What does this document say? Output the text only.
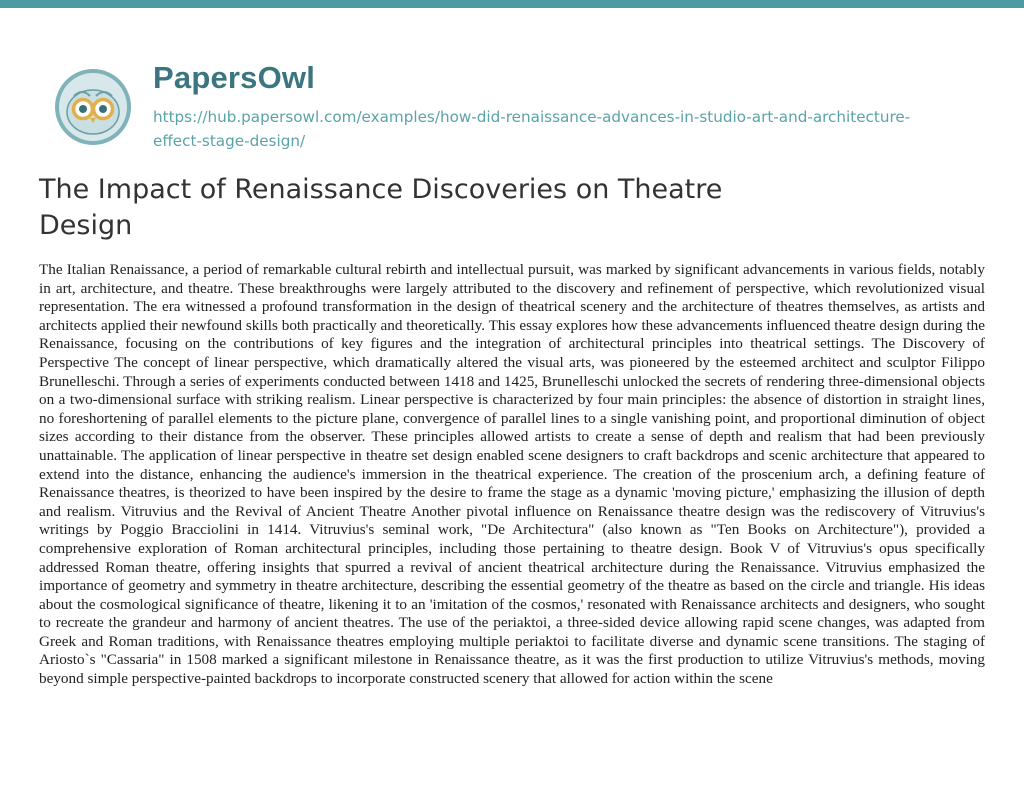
PapersOwl
https://hub.papersowl.com/examples/how-did-renaissance-advances-in-studio-art-and-architecture-effect-stage-design/
The Impact of Renaissance Discoveries on Theatre Design

The Italian Renaissance, a period of remarkable cultural rebirth and intellectual pursuit, was marked by significant advancements in various fields, notably in art, architecture, and theatre. These breakthroughs were largely attributed to the discovery and refinement of perspective, which revolutionized visual representation. The era witnessed a profound transformation in the design of theatrical scenery and the architecture of theatres themselves, as artists and architects applied their newfound skills both practically and theoretically. This essay explores how these advancements influenced theatre design during the Renaissance, focusing on the contributions of key figures and the integration of architectural principles into theatrical settings. The Discovery of Perspective The concept of linear perspective, which dramatically altered the visual arts, was pioneered by the esteemed architect and sculptor Filippo Brunelleschi. Through a series of experiments conducted between 1418 and 1425, Brunelleschi unlocked the secrets of rendering three-dimensional objects on a two-dimensional surface with striking realism. Linear perspective is characterized by four main principles: the absence of distortion in straight lines, no foreshortening of parallel elements to the picture plane, convergence of parallel lines to a single vanishing point, and proportional diminution of object sizes according to their distance from the observer. These principles allowed artists to create a sense of depth and realism that had been previously unattainable. The application of linear perspective in theatre set design enabled scene designers to craft backdrops and scenic architecture that appeared to extend into the distance, enhancing the audience's immersion in the theatrical experience. The creation of the proscenium arch, a defining feature of Renaissance theatres, is theorized to have been inspired by the desire to frame the stage as a dynamic 'moving picture,' emphasizing the illusion of depth and realism. Vitruvius and the Revival of Ancient Theatre Another pivotal influence on Renaissance theatre design was the rediscovery of Vitruvius's writings by Poggio Bracciolini in 1414. Vitruvius's seminal work, "De Architectura" (also known as "Ten Books on Architecture"), provided a comprehensive exploration of Roman architectural principles, including those pertaining to theatre design. Book V of Vitruvius's opus specifically addressed Roman theatre, offering insights that spurred a revival of ancient theatrical architecture during the Renaissance. Vitruvius emphasized the importance of geometry and symmetry in theatre architecture, describing the essential geometry of the theatre as based on the circle and triangle. His ideas about the cosmological significance of theatre, likening it to an 'imitation of the cosmos,' resonated with Renaissance architects and designers, who sought to recreate the grandeur and harmony of ancient theatres. The use of the periaktoi, a three-sided device allowing rapid scene changes, was adapted from Greek and Roman traditions, with Renaissance theatres employing multiple periaktoi to facilitate diverse and dynamic scene transitions. The staging of Ariosto`s "Cassaria" in 1508 marked a significant milestone in Renaissance theatre, as it was the first production to utilize Vitruvius's methods, moving beyond simple perspective-painted backdrops to incorporate constructed scenery that allowed for action within the scene
